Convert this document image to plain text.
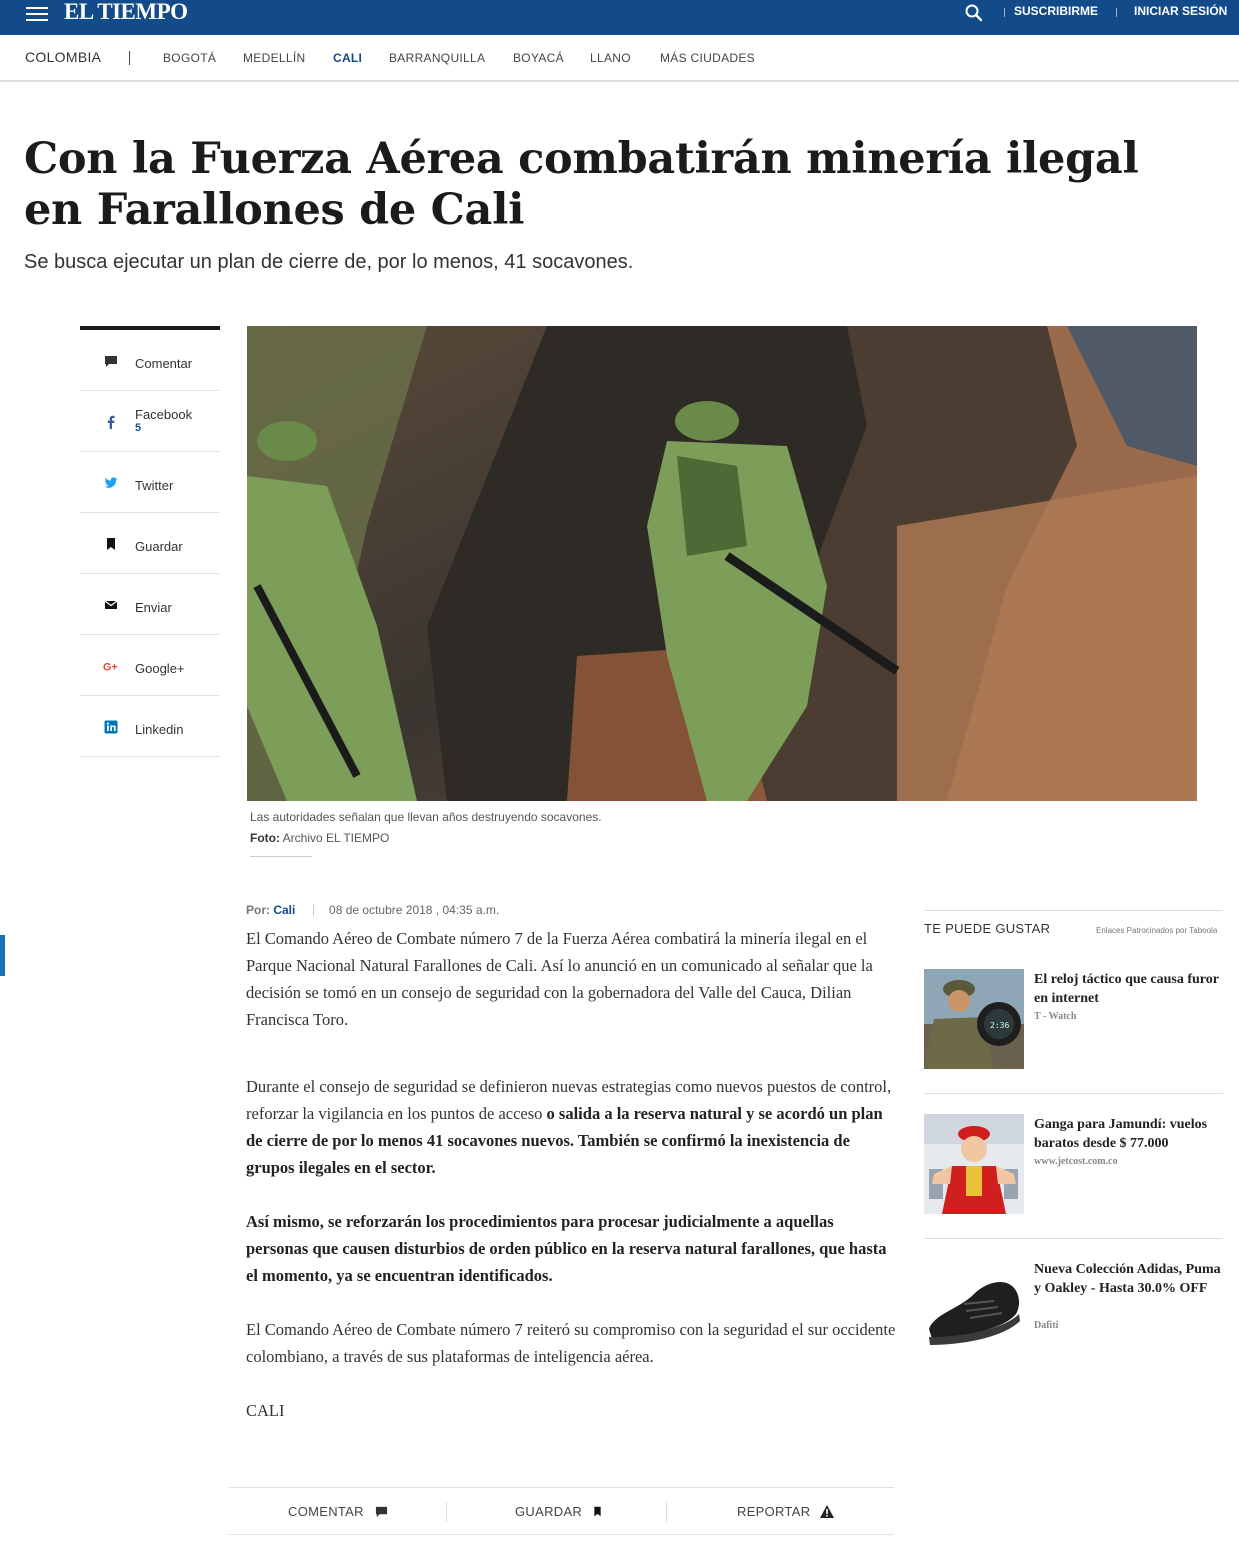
EL TIEMPO	SUSCRIBIRME	INICIAR SESIÓN
COLOMBIA	BOGOTÁ MEDELLÍN CALI BARRANQUILLA BOYACÁ LLANO MÁS CIUDADES
Con la Fuerza Aérea combatirán minería ilegal en Farallones de Cali
Se busca ejecutar un plan de cierre de, por lo menos, 41 socavones.
Comentar
Facebook
5
Twitter
Guardar
Enviar
G+ Google+
Linkedin
Las autoridades señalan que llevan años destruyendo socavones.
Foto: Archivo EL TIEMPO
Por: Cali	08 de octubre 2018 , 04:35 a.m.

El Comando Aéreo de Combate número 7 de la Fuerza Aérea combatirá la minería ilegal en el Parque Nacional Natural Farallones de Cali. Así lo anunció en un comunicado al señalar que la decisión se tomó en un consejo de seguridad con la gobernadora del Valle del Cauca, Dilian Francisca Toro.

Durante el consejo de seguridad se definieron nuevas estrategias como nuevos puestos de control, reforzar la vigilancia en los puntos de acceso o salida a la reserva natural y se acordó un plan de cierre de por lo menos 41 socavones nuevos. También se confirmó la inexistencia de grupos ilegales en el sector.

Así mismo, se reforzarán los procedimientos para procesar judicialmente a aquellas personas que causen disturbios de orden público en la reserva natural farallones, que hasta el momento, ya se encuentran identificados.

El Comando Aéreo de Combate número 7 reiteró su compromiso con la seguridad el sur occidente colombiano, a través de sus plataformas de inteligencia aérea.

CALI

COMENTAR	GUARDAR	REPORTAR
TE PUEDE GUSTAR	Enlaces Patrocinados por Taboola
2:36
El reloj táctico que causa furor en internet
T - Watch
Ganga para Jamundí: vuelos baratos desde $ 77.000
www.jetcost.com.co
Nueva Colección Adidas, Puma y Oakley - Hasta 30.0% OFF
Dafiti
